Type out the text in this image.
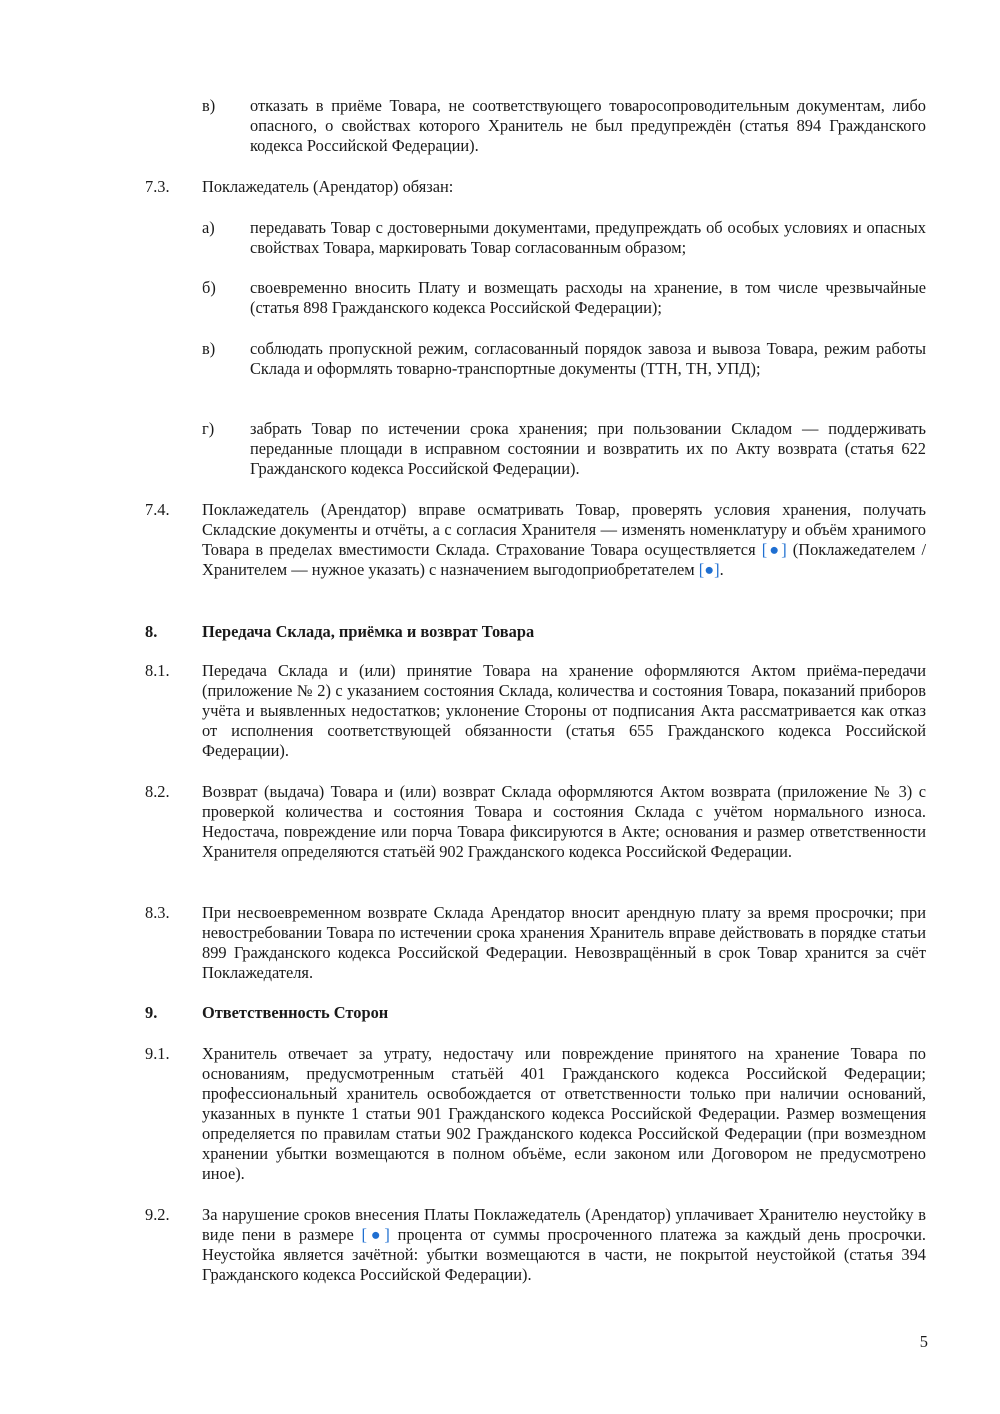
в)	отказать в приёме Товара, не соответствующего товаросопроводительным документам, либо опасного, о свойствах которого Хранитель не был предупреждён (статья 894 Гражданского кодекса Российской Федерации).
7.3.	Поклажедатель (Арендатор) обязан:
а)	передавать Товар с достоверными документами, предупреждать об особых условиях и опасных свойствах Товара, маркировать Товар согласованным образом;
б)	своевременно вносить Плату и возмещать расходы на хранение, в том числе чрезвычайные (статья 898 Гражданского кодекса Российской Федерации);
в)	соблюдать пропускной режим, согласованный порядок завоза и вывоза Товара, режим работы Склада и оформлять товарно-транспортные документы (ТТН, ТН, УПД);
г)	забрать Товар по истечении срока хранения; при пользовании Складом — поддерживать переданные площади в исправном состоянии и возвратить их по Акту возврата (статья 622 Гражданского кодекса Российской Федерации).
7.4.	Поклажедатель (Арендатор) вправе осматривать Товар, проверять условия хранения, получать Складские документы и отчёты, а с согласия Хранителя — изменять номенклатуру и объём хранимого Товара в пределах вместимости Склада. Страхование Товара осуществляется [●] (Поклажедателем / Хранителем — нужное указать) с назначением выгодоприобретателем [●].
8.	Передача Склада, приёмка и возврат Товара
8.1.	Передача Склада и (или) принятие Товара на хранение оформляются Актом приёма-передачи (приложение № 2) с указанием состояния Склада, количества и состояния Товара, показаний приборов учёта и выявленных недостатков; уклонение Стороны от подписания Акта рассматривается как отказ от исполнения соответствующей обязанности (статья 655 Гражданского кодекса Российской Федерации).
8.2.	Возврат (выдача) Товара и (или) возврат Склада оформляются Актом возврата (приложение № 3) с проверкой количества и состояния Товара и состояния Склада с учётом нормального износа. Недостача, повреждение или порча Товара фиксируются в Акте; основания и размер ответственности Хранителя определяются статьёй 902 Гражданского кодекса Российской Федерации.
8.3.	При несвоевременном возврате Склада Арендатор вносит арендную плату за время просрочки; при невостребовании Товара по истечении срока хранения Хранитель вправе действовать в порядке статьи 899 Гражданского кодекса Российской Федерации. Невозвращённый в срок Товар хранится за счёт Поклажедателя.
9.	Ответственность Сторон
9.1.	Хранитель отвечает за утрату, недостачу или повреждение принятого на хранение Товара по основаниям, предусмотренным статьёй 401 Гражданского кодекса Российской Федерации; профессиональный хранитель освобождается от ответственности только при наличии оснований, указанных в пункте 1 статьи 901 Гражданского кодекса Российской Федерации. Размер возмещения определяется по правилам статьи 902 Гражданского кодекса Российской Федерации (при возмездном хранении убытки возмещаются в полном объёме, если законом или Договором не предусмотрено иное).
9.2.	За нарушение сроков внесения Платы Поклажедатель (Арендатор) уплачивает Хранителю неустойку в виде пени в размере [●] процента от суммы просроченного платежа за каждый день просрочки. Неустойка является зачётной: убытки возмещаются в части, не покрытой неустойкой (статья 394 Гражданского кодекса Российской Федерации).
5
